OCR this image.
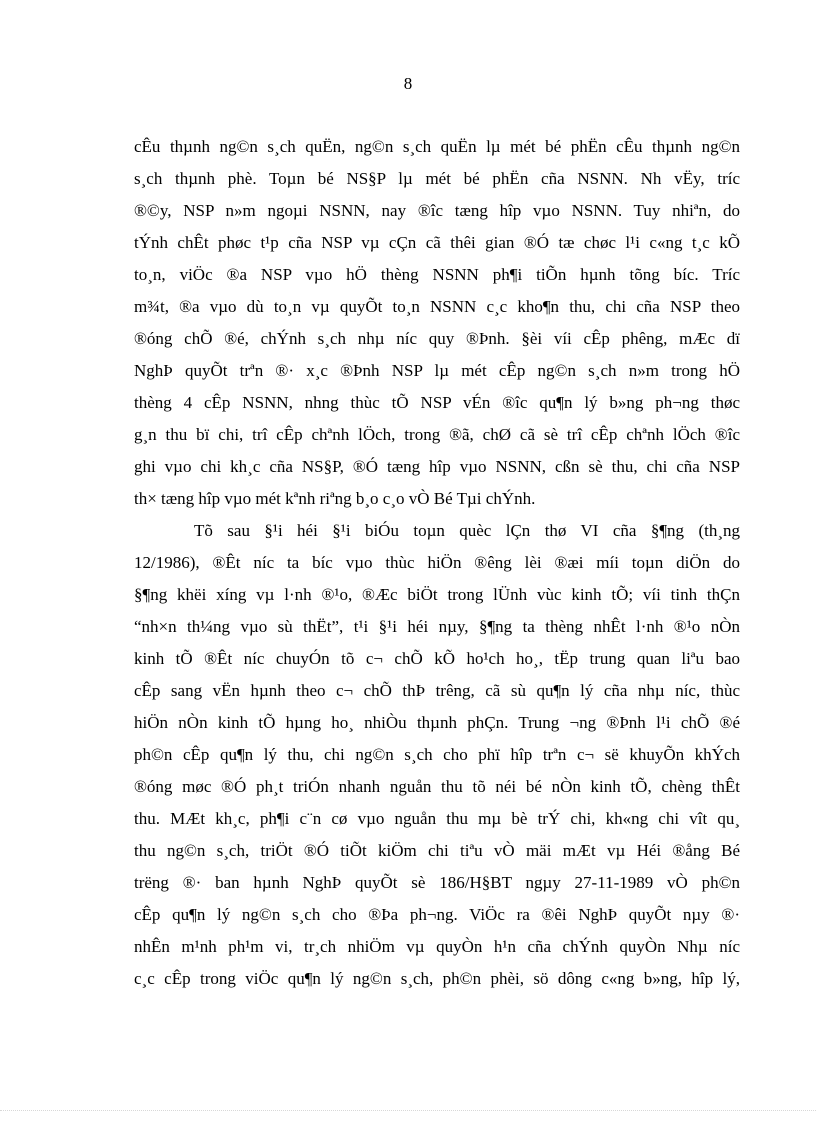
8
cÊu thµnh ng©n s¸ch quËn, ng©n s¸ch quËn lµ mét bé phËn cÊu thµnh ng©n
s¸ch thµnh phè. Toµn bé NS§P lµ mét bé phËn cña NSNN. Nh vËy, tríc
®©y, NSP n»m ngoµi NSNN, nay ®îc tæng hîp vµo NSNN. Tuy nhiªn, do
tÝnh chÊt phøc t¹p cña NSP vµ cÇn cã thêi gian ®Ó tæ chøc l¹i c«ng t¸c kÕ
to¸n, viÖc ®a NSP vµo hÖ thèng NSNN ph¶i tiÕn hµnh tõng bíc. Tríc
m¾t, ®a vµo dù to¸n vµ quyÕt to¸n NSNN c¸c kho¶n thu, chi cña NSP theo
®óng chÕ ®é, chÝnh s¸ch nhµ níc quy ®Þnh. §èi víi cÊp phêng, mÆc dï
NghÞ quyÕt trªn ®· x¸c ®Þnh NSP lµ mét cÊp ng©n s¸ch n»m trong hÖ
thèng 4 cÊp NSNN, nhng thùc tÕ NSP vÉn ®îc qu¶n lý b»ng ph¬ng thøc
g¸n thu bï chi, trî cÊp chªnh lÖch, trong ®ã, chØ cã sè trî cÊp chªnh lÖch ®îc
ghi vµo chi kh¸c cña NS§P, ®Ó tæng hîp vµo NSNN, cßn sè thu, chi cña NSP
th× tæng hîp vµo mét kªnh riªng b¸o c¸o vÒ Bé Tµi chÝnh.
Tõ sau §¹i héi §¹i biÓu toµn quèc lÇn thø VI cña §¶ng (th¸ng
12/1986), ®Êt níc ta bíc vµo thùc hiÖn ®êng lèi ®æi míi toµn diÖn do
§¶ng khëi xíng vµ l·nh ®¹o, ®Æc biÖt trong lÜnh vùc kinh tÕ; víi tinh thÇn
“nh×n th¼ng vµo sù thËt”, t¹i §¹i héi nµy, §¶ng ta thèng nhÊt l·nh ®¹o nÒn
kinh tÕ ®Êt níc chuyÓn tõ c¬ chÕ kÕ ho¹ch ho¸, tËp trung quan liªu bao
cÊp sang vËn hµnh theo c¬ chÕ thÞ trêng, cã sù qu¶n lý cña nhµ níc, thùc
hiÖn nÒn kinh tÕ hµng ho¸ nhiÒu thµnh phÇn. Trung ¬ng ®Þnh l¹i chÕ ®é
ph©n cÊp qu¶n lý thu, chi ng©n s¸ch cho phï hîp trªn c¬ së khuyÕn khÝch
®óng møc ®Ó ph¸t triÓn nhanh nguån thu tõ néi bé nÒn kinh tÕ, chèng thÊt
thu. MÆt kh¸c, ph¶i c¨n cø vµo nguån thu mµ bè trÝ chi, kh«ng chi vît qu¸
thu ng©n s¸ch, triÖt ®Ó tiÕt kiÖm chi tiªu vÒ mäi mÆt vµ Héi ®ång Bé
trëng ®· ban hµnh NghÞ quyÕt sè 186/H§BT ngµy 27-11-1989 vÒ ph©n
cÊp qu¶n lý ng©n s¸ch cho ®Þa ph¬ng. ViÖc ra ®êi NghÞ quyÕt nµy ®·
nhÊn m¹nh ph¹m vi, tr¸ch nhiÖm vµ quyÒn h¹n cña chÝnh quyÒn Nhµ níc
c¸c cÊp trong viÖc qu¶n lý ng©n s¸ch, ph©n phèi, sö dông c«ng b»ng, hîp lý,
